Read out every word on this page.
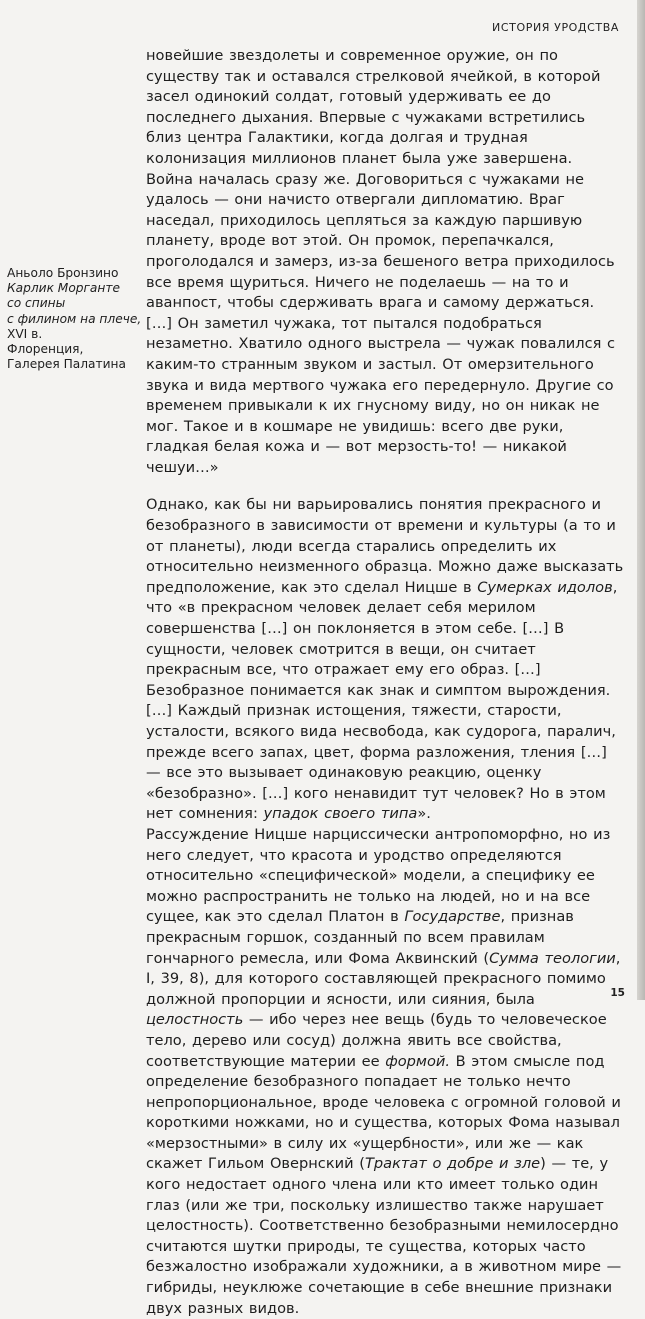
ИСТОРИЯ УРОДСТВА
Аньоло Бронзино
Карлик Морганте
со спины
с филином на плече,
XVI в.
Флоренция,
Галерея Палатина

новейшие звездолеты и современное оружие, он по существу так и оставался стрелковой ячейкой, в которой засел одинокий солдат, готовый удерживать ее до последнего дыхания. Впервые с чужаками встретились близ центра Галактики, когда долгая и трудная колонизация миллионов планет была уже завершена. Война началась сразу же. Договориться с чужаками не удалось — они начисто отвергали дипломатию. Враг наседал, приходилось цепляться за каждую паршивую планету, вроде вот этой. Он промок, перепачкался, проголодался и замерз, из-за бешеного ветра приходилось все время щуриться. Ничего не поделаешь — на то и аванпост, чтобы сдерживать врага и самому держаться. […] Он заметил чужака, тот пытался подобраться незаметно. Хватило одного выстрела — чужак повалился с каким-то странным звуком и застыл. От омерзительного звука и вида мертвого чужака его передернуло. Другие со временем привыкали к их гнусному виду, но он никак не мог. Такое и в кошмаре не увидишь: всего две руки, гладкая белая кожа и — вот мерзость-то! — никакой чешуи…»

Однако, как бы ни варьировались понятия прекрасного и безобразного в зависимости от времени и культуры (а то и от планеты), люди всегда старались определить их относительно неизменного образца. Можно даже высказать предположение, как это сделал Ницше в Сумерках идолов, что «в прекрасном человек делает себя мерилом совершенства […] он поклоняется в этом себе. […] В сущности, человек смотрится в вещи, он считает прекрасным все, что отражает ему его образ. […] Безобразное понимается как знак и симптом вырождения. […] Каждый признак истощения, тяжести, старости, усталости, всякого вида несвобода, как судорога, паралич, прежде всего запах, цвет, форма разложения, тления […] — все это вызывает одинаковую реакцию, оценку «безобразно». […] кого ненавидит тут человек? Но в этом нет сомнения: упадок своего типа».

Рассуждение Ницше нарциссически антропоморфно, но из него следует, что красота и уродство определяются относительно «специфической» модели, а специфику ее можно распространить не только на людей, но и на все сущее, как это сделал Платон в Государстве, признав прекрасным горшок, созданный по всем правилам гончарного ремесла, или Фома Аквинский (Сумма теологии, I, 39, 8), для которого составляющей прекрасного помимо должной пропорции и ясности, или сияния, была целостность — ибо через нее вещь (будь то человеческое тело, дерево или сосуд) должна явить все свойства, соответствующие материи ее формой. В этом смысле под определение безобразного попадает не только нечто непропорциональное, вроде человека с огромной головой и короткими ножками, но и существа, которых Фома называл «мерзостными» в силу их «ущербности», или же — как скажет Гильом Овернский (Трактат о добре и зле) — те, у кого недостает одного члена или кто имеет только один глаз (или же три, поскольку излишество также нарушает целостность). Соответственно безобразными немилосердно считаются шутки природы, те существа, которых часто безжалостно изображали художники, а в животном мире — гибриды, неуклюже сочетающие в себе внешние признаки двух разных видов.

15
